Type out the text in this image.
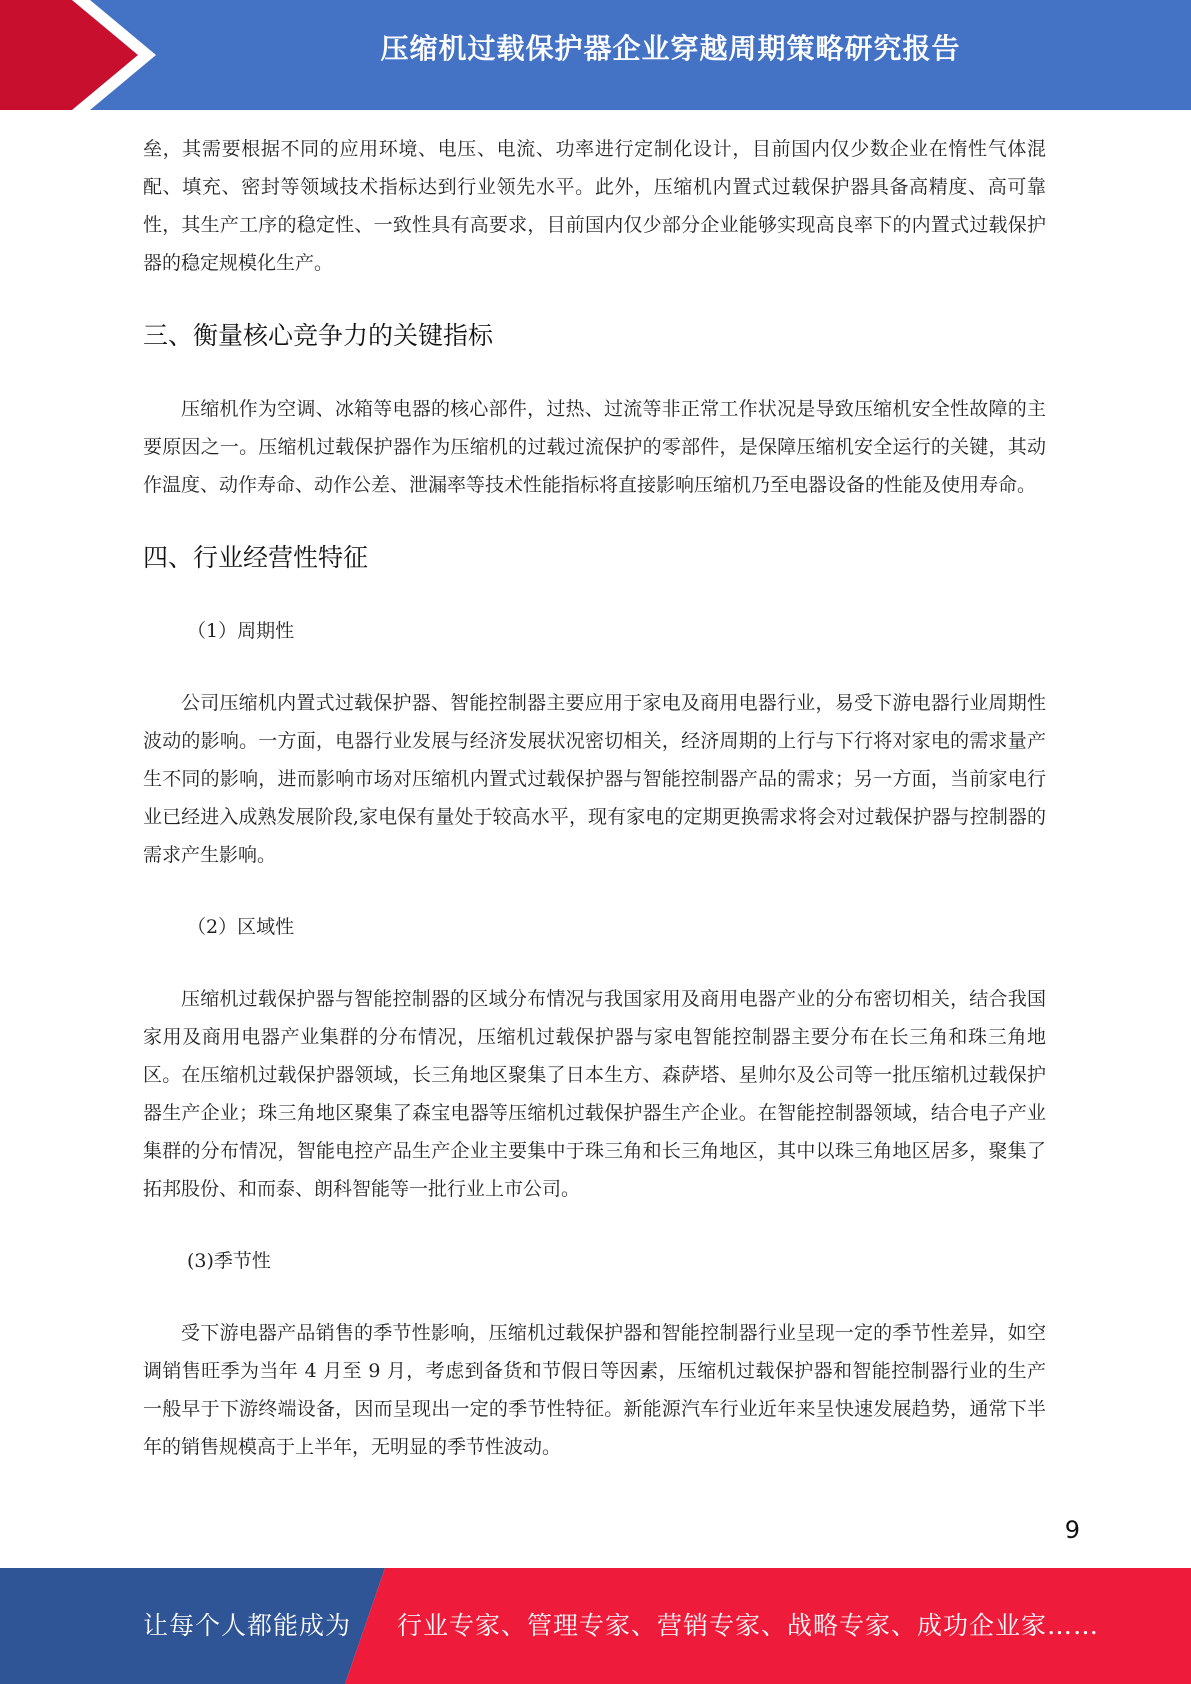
压缩机过载保护器企业穿越周期策略研究报告

垒，其需要根据不同的应用环境、电压、电流、功率进行定制化设计，目前国内仅少数企业在惰性气体混配、填充、密封等领域技术指标达到行业领先水平。此外，压缩机内置式过载保护器具备高精度、高可靠性，其生产工序的稳定性、一致性具有高要求，目前国内仅少部分企业能够实现高良率下的内置式过载保护器的稳定规模化生产。

三、衡量核心竞争力的关键指标

压缩机作为空调、冰箱等电器的核心部件，过热、过流等非正常工作状况是导致压缩机安全性故障的主要原因之一。压缩机过载保护器作为压缩机的过载过流保护的零部件，是保障压缩机安全运行的关键，其动作温度、动作寿命、动作公差、泄漏率等技术性能指标将直接影响压缩机乃至电器设备的性能及使用寿命。

四、行业经营性特征

（1）周期性

公司压缩机内置式过载保护器、智能控制器主要应用于家电及商用电器行业，易受下游电器行业周期性波动的影响。一方面，电器行业发展与经济发展状况密切相关，经济周期的上行与下行将对家电的需求量产生不同的影响，进而影响市场对压缩机内置式过载保护器与智能控制器产品的需求；另一方面，当前家电行业已经进入成熟发展阶段,家电保有量处于较高水平，现有家电的定期更换需求将会对过载保护器与控制器的需求产生影响。

（2）区域性

压缩机过载保护器与智能控制器的区域分布情况与我国家用及商用电器产业的分布密切相关，结合我国家用及商用电器产业集群的分布情况，压缩机过载保护器与家电智能控制器主要分布在长三角和珠三角地区。在压缩机过载保护器领域，长三角地区聚集了日本生方、森萨塔、星帅尔及公司等一批压缩机过载保护器生产企业；珠三角地区聚集了森宝电器等压缩机过载保护器生产企业。在智能控制器领域，结合电子产业集群的分布情况，智能电控产品生产企业主要集中于珠三角和长三角地区，其中以珠三角地区居多，聚集了拓邦股份、和而泰、朗科智能等一批行业上市公司。

(3)季节性

受下游电器产品销售的季节性影响，压缩机过载保护器和智能控制器行业呈现一定的季节性差异，如空调销售旺季为当年 4 月至 9 月，考虑到备货和节假日等因素，压缩机过载保护器和智能控制器行业的生产一般早于下游终端设备，因而呈现出一定的季节性特征。新能源汽车行业近年来呈快速发展趋势，通常下半年的销售规模高于上半年，无明显的季节性波动。

9
让每个人都能成为 行业专家、管理专家、营销专家、战略专家、成功企业家……
